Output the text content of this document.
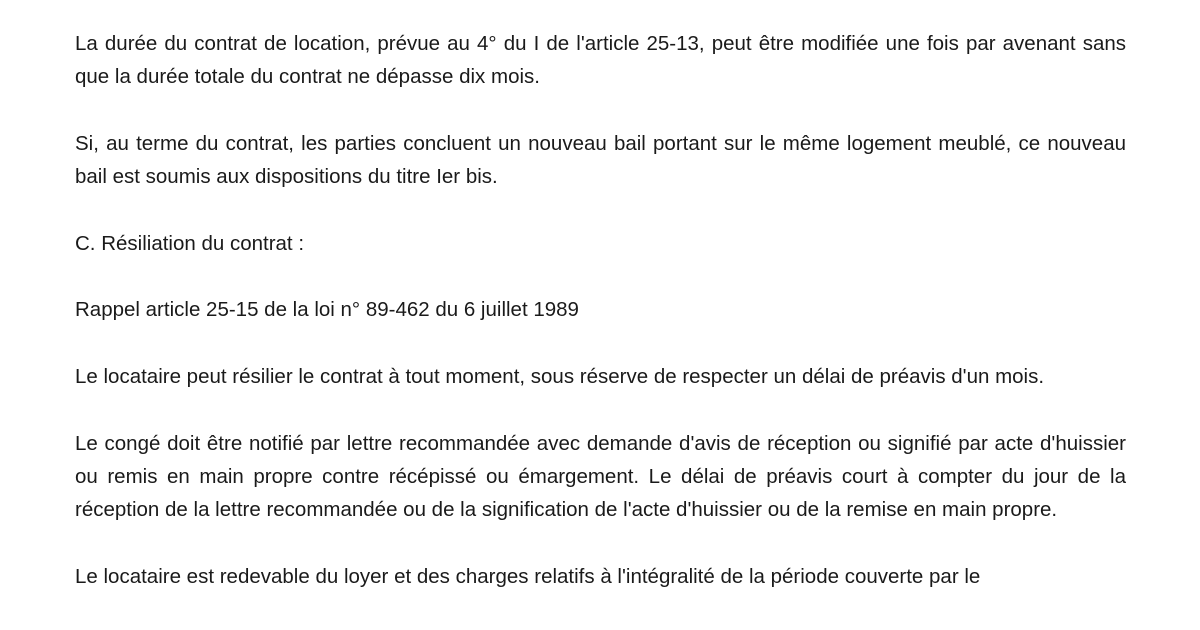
La durée du contrat de location, prévue au 4° du I de l'article 25-13, peut être modifiée une fois par avenant sans que la durée totale du contrat ne dépasse dix mois.

Si, au terme du contrat, les parties concluent un nouveau bail portant sur le même logement meublé, ce nouveau bail est soumis aux dispositions du titre Ier bis.

C. Résiliation du contrat :

Rappel article 25-15 de la loi n° 89-462 du 6 juillet 1989

Le locataire peut résilier le contrat à tout moment, sous réserve de respecter un délai de préavis d'un mois.

Le congé doit être notifié par lettre recommandée avec demande d'avis de réception ou signifié par acte d'huissier ou remis en main propre contre récépissé ou émargement. Le délai de préavis court à compter du jour de la réception de la lettre recommandée ou de la signification de l'acte d'huissier ou de la remise en main propre.

Le locataire est redevable du loyer et des charges relatifs à l'intégralité de la période couverte par le
